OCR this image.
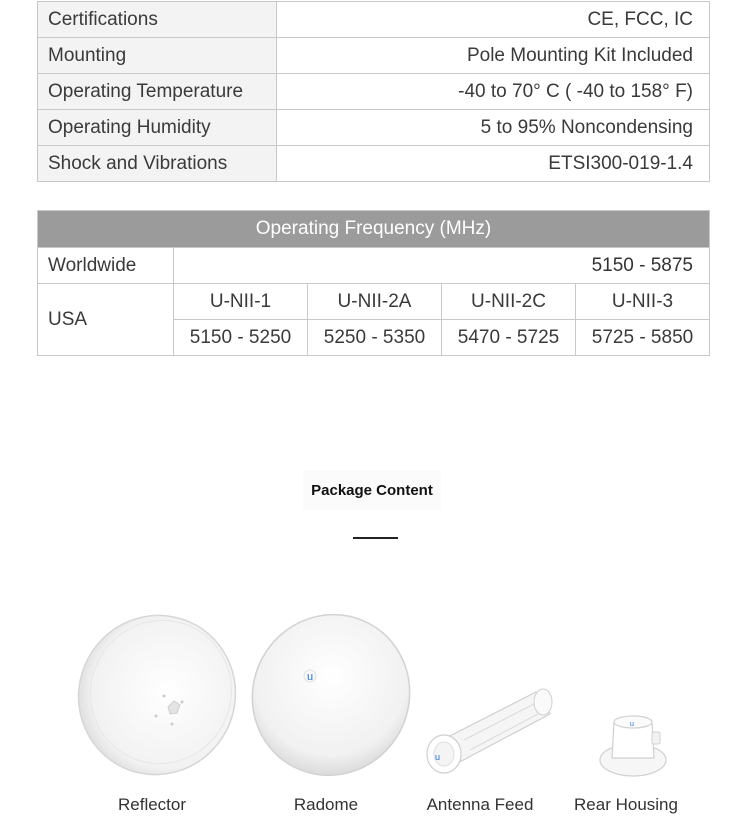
Certifications	CE, FCC, IC
Mounting	Pole Mounting Kit Included
Operating Temperature	-40 to 70° C ( -40 to 158° F)
Operating Humidity	5 to 95% Noncondensing
Shock and Vibrations	ETSI300-019-1.4
Operating Frequency (MHz)				
Worldwide	5150 - 5875			
USA	U-NII-1	U-NII-2A	U-NII-2C	U-NII-3
	5150 - 5250	5250 - 5350	5470 - 5725	5725 - 5850
Package Content
u
u
u
Reflector	Radome	Antenna Feed	Rear Housing
